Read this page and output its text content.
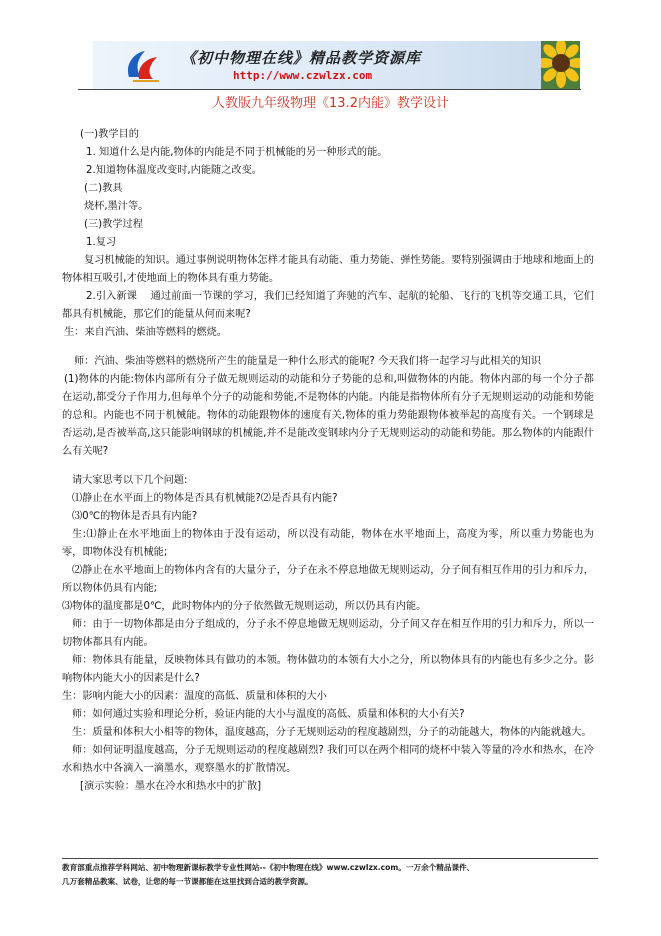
《初中物理在线》精品教学资源库
http://www.czwlzx.com
人教版九年级物理《13.2内能》教学设计

(一)教学目的

1. 知道什么是内能,物体的内能是不同于机械能的另一种形式的能。

2.知道物体温度改变时,内能随之改变。

(二)教具

烧杯,墨汁等。

(三)教学过程

1.复习

复习机械能的知识。通过事例说明物体怎样才能具有动能、重力势能、弹性势能。要特别强调由于地球和地面上的物体相互吸引,才使地面上的物体具有重力势能。

2.引入新课    通过前面一节课的学习，我们已经知道了奔驰的汽车、起航的轮船、飞行的飞机等交通工具，它们都具有机械能，那它们的能量从何而来呢?

生：来自汽油、柴油等燃料的燃烧。

师：汽油、柴油等燃料的燃烧所产生的能量是一种什么形式的能呢? 今天我们将一起学习与此相关的知识

(1)物体的内能:物体内部所有分子做无规则运动的动能和分子势能的总和,叫做物体的内能。物体内部的每一个分子都在运动,都受分子作用力,但每单个分子的动能和势能,不是物体的内能。内能是指物体所有分子无规则运动的动能和势能的总和。内能也不同于机械能。物体的动能跟物体的速度有关,物体的重力势能跟物体被举起的高度有关。一个钢球是否运动,是否被举高,这只能影响钢球的机械能,并不是能改变钢球内分子无规则运动的动能和势能。那么物体的内能跟什么有关呢?

请大家思考以下几个问题:

⑴静止在水平面上的物体是否具有机械能?⑵是否具有内能?

⑶0℃的物体是否具有内能?

生:⑴静止在水平地面上的物体由于没有运动，所以没有动能，物体在水平地面上，高度为零，所以重力势能也为零，即物体没有机械能;

⑵静止在水平地面上的物体内含有的大量分子，分子在永不停息地做无规则运动，分子间有相互作用的引力和斥力，所以物体仍具有内能;

⑶物体的温度都是0℃，此时物体内的分子依然做无规则运动，所以仍具有内能。

师：由于一切物体都是由分子组成的，分子永不停息地做无规则运动，分子间又存在相互作用的引力和斥力，所以一切物体都具有内能。

师：物体具有能量，反映物体具有做功的本领。物体做功的本领有大小之分，所以物体具有的内能也有多少之分。影响物体内能大小的因素是什么?

生：影响内能大小的因素：温度的高低、质量和体积的大小

师：如何通过实验和理论分析，验证内能的大小与温度的高低、质量和体积的大小有关?

生：质量和体积大小相等的物体，温度越高，分子无规则运动的程度越剧烈，分子的动能越大，物体的内能就越大。

师：如何证明温度越高，分子无规则运动的程度越剧烈? 我们可以在两个相同的烧杯中装入等量的冷水和热水，在冷水和热水中各滴入一滴墨水，观察墨水的扩散情况。

[演示实验：墨水在冷水和热水中的扩散]

教育部重点推荐学科网站、初中物理新课标教学专业性网站--《初中物理在线》www.czwlzx.com。一万余个精品课件、
几万套精品教案、试卷，让您的每一节课都能在这里找到合适的教学资源。
